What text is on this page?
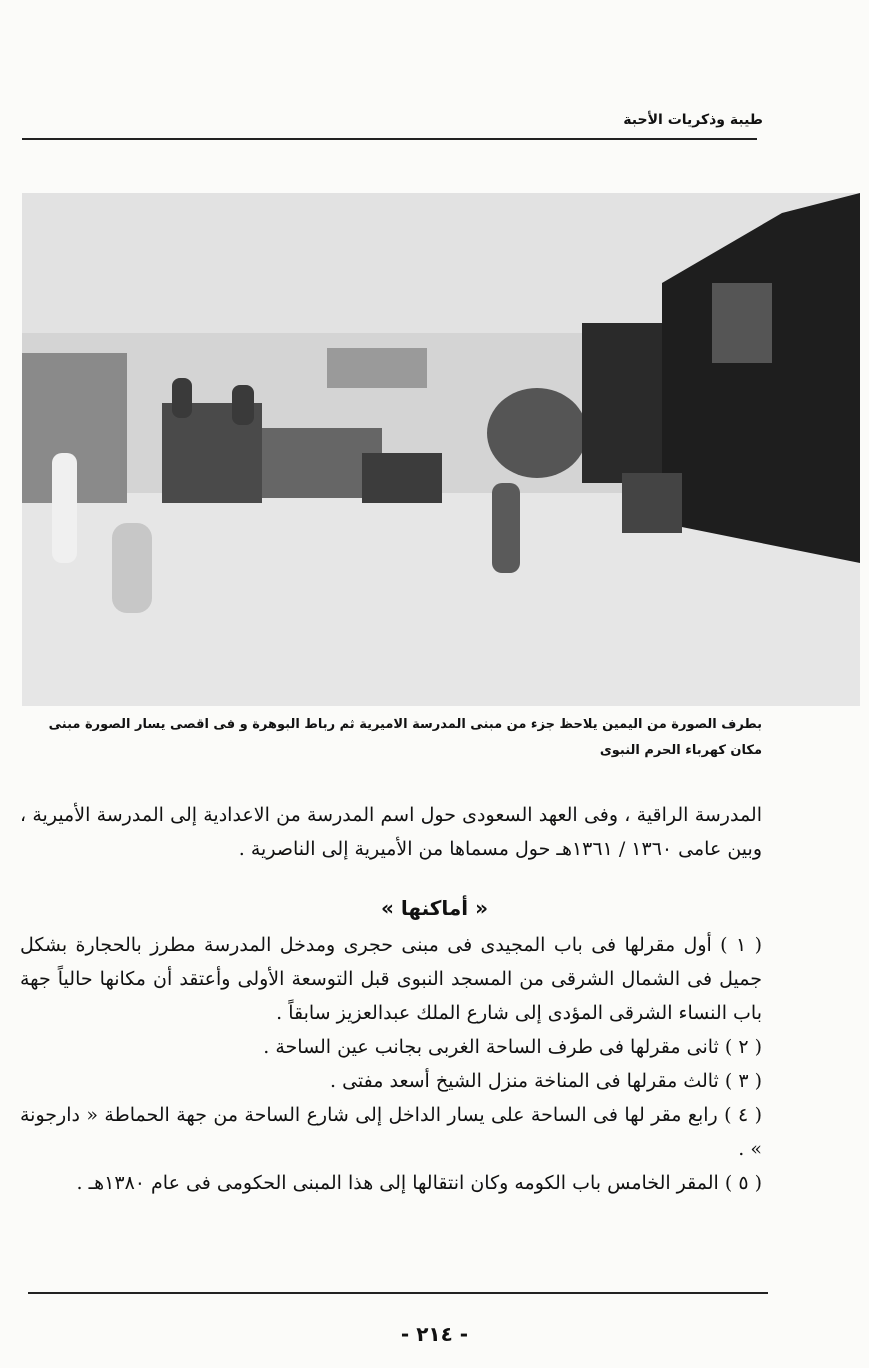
طيبة وذكريات الأحبة
بطرف الصورة من اليمين يلاحظ جزء من مبنى المدرسة الاميرية ثم رباط البوهرة و فى اقصى يسار الصورة مبنى مكان كهرباء الحرم النبوى
المدرسة الراقية ، وفى العهد السعودى حول اسم المدرسة من الاعدادية إلى المدرسة الأميرية ، وبين عامى ١٣٦٠ / ١٣٦١هـ حول مسماها من الأميرية إلى الناصرية .
« أماكنها »
( ١ ) أول مقرلها فى باب المجيدى فى مبنى حجرى ومدخل المدرسة مطرز بالحجارة بشكل جميل فى الشمال الشرقى من المسجد النبوى قبل التوسعة الأولى وأعتقد أن مكانها حالياً جهة باب النساء الشرقى المؤدى إلى شارع الملك عبدالعزيز سابقاً .
( ٢ ) ثانى مقرلها فى طرف الساحة الغربى بجانب عين الساحة .
( ٣ ) ثالث مقرلها فى المناخة منزل الشيخ أسعد مفتى .
( ٤ ) رابع مقر لها فى الساحة على يسار الداخل إلى شارع الساحة من جهة الحماطة « دارجونة » .
( ٥ ) المقر الخامس باب الكومه وكان انتقالها إلى هذا المبنى الحكومى فى عام ١٣٨٠هـ .
- ٢١٤ -
